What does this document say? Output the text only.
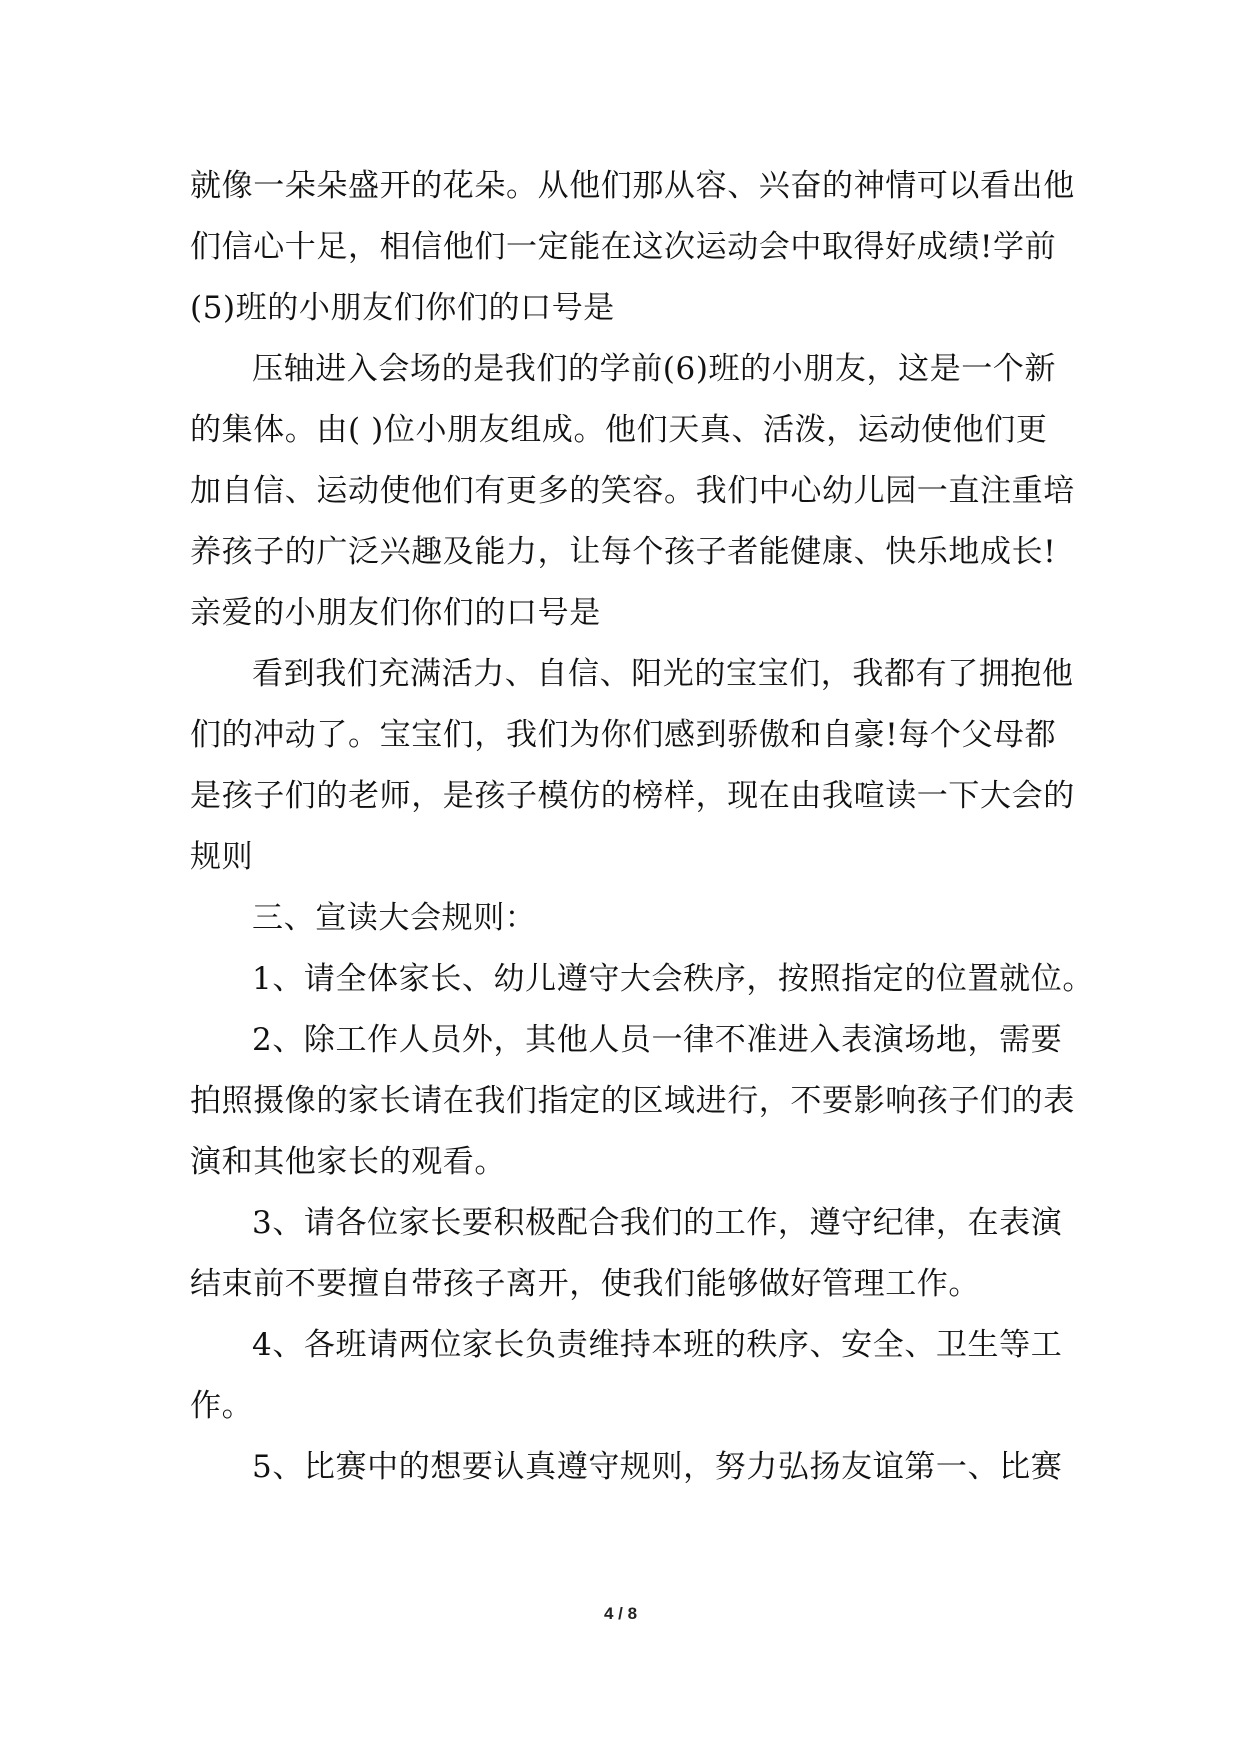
就像一朵朵盛开的花朵。从他们那从容、兴奋的神情可以看出他
们信心十足，相信他们一定能在这次运动会中取得好成绩!学前
(5)班的小朋友们你们的口号是
压轴进入会场的是我们的学前(6)班的小朋友，这是一个新
的集体。由( )位小朋友组成。他们天真、活泼，运动使他们更
加自信、运动使他们有更多的笑容。我们中心幼儿园一直注重培
养孩子的广泛兴趣及能力，让每个孩子者能健康、快乐地成长!
亲爱的小朋友们你们的口号是
看到我们充满活力、自信、阳光的宝宝们，我都有了拥抱他
们的冲动了。宝宝们，我们为你们感到骄傲和自豪!每个父母都
是孩子们的老师，是孩子模仿的榜样，现在由我喧读一下大会的
规则
三、宣读大会规则：
1、请全体家长、幼儿遵守大会秩序，按照指定的位置就位。
2、除工作人员外，其他人员一律不准进入表演场地，需要
拍照摄像的家长请在我们指定的区域进行，不要影响孩子们的表
演和其他家长的观看。
3、请各位家长要积极配合我们的工作，遵守纪律，在表演
结束前不要擅自带孩子离开，使我们能够做好管理工作。
4、各班请两位家长负责维持本班的秩序、安全、卫生等工
作。
5、比赛中的想要认真遵守规则，努力弘扬友谊第一、比赛
4 / 8
